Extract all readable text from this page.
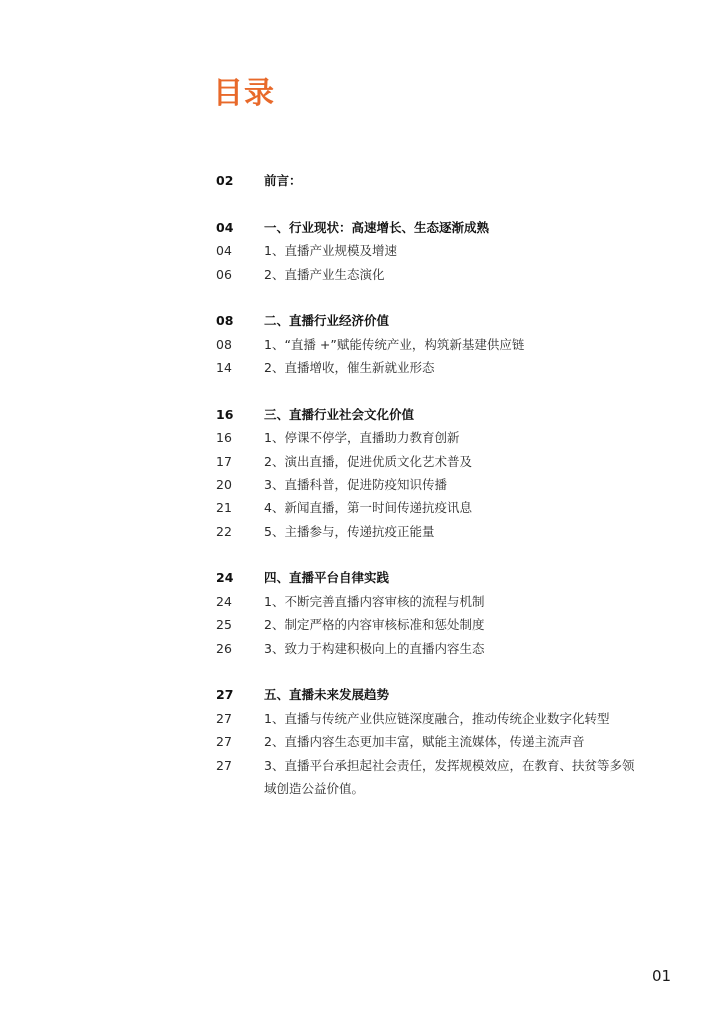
目录
02 前言：
04 一、行业现状：高速增长、生态逐渐成熟
04	1、直播产业规模及增速
06	2、直播产业生态演化
08 二、直播行业经济价值
08	1、“直播 +”赋能传统产业，构筑新基建供应链
14	2、直播增收，催生新就业形态
16 三、直播行业社会文化价值
16	1、停课不停学，直播助力教育创新
17	2、演出直播，促进优质文化艺术普及
20	3、直播科普，促进防疫知识传播
21	4、新闻直播，第一时间传递抗疫讯息
22	5、主播参与，传递抗疫正能量
24 四、直播平台自律实践
24	1、不断完善直播内容审核的流程与机制
25	2、制定严格的内容审核标准和惩处制度
26	3、致力于构建积极向上的直播内容生态
27 五、直播未来发展趋势
27	1、直播与传统产业供应链深度融合，推动传统企业数字化转型
27	2、直播内容生态更加丰富，赋能主流媒体，传递主流声音
27	3、直播平台承担起社会责任，发挥规模效应，在教育、扶贫等多领
域创造公益价值。
01
